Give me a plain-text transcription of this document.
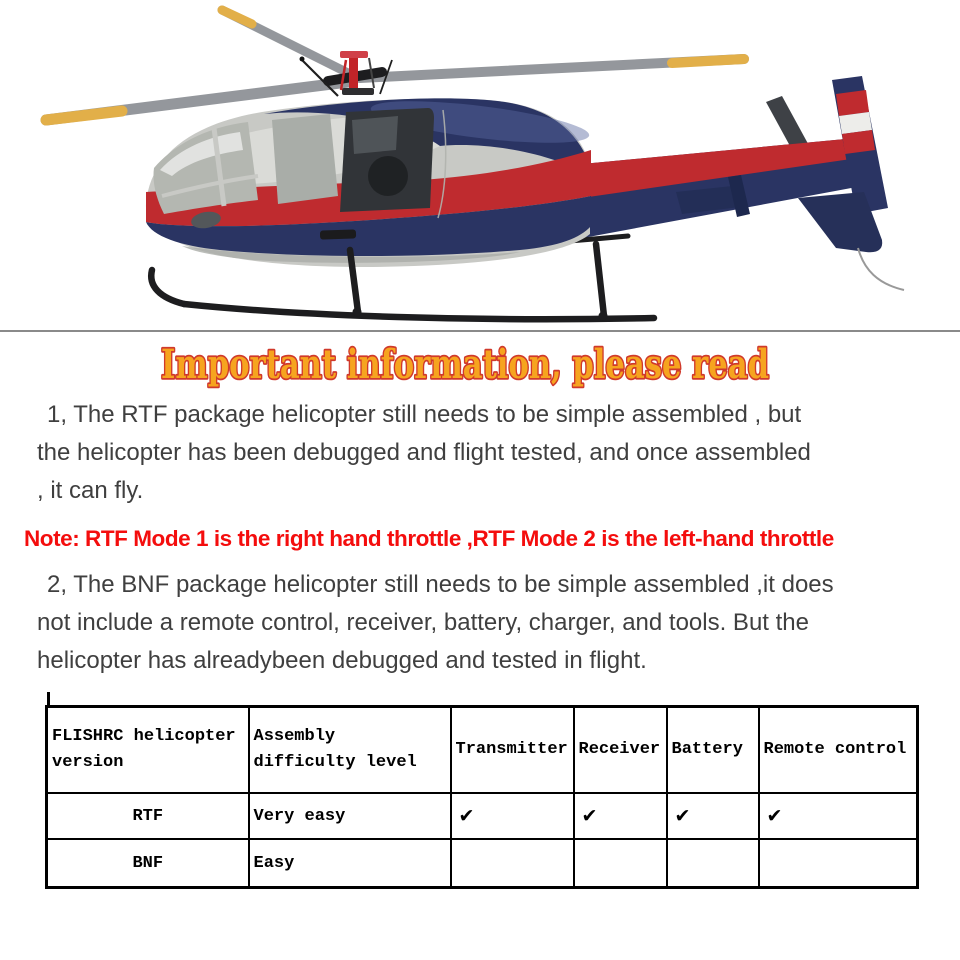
Important information, please read
1, The RTF package helicopter still needs to be simple assembled , but
the helicopter has been debugged and flight tested, and once assembled
, it can fly.
Note: RTF Mode 1 is the right hand throttle ,RTF Mode 2 is the left-hand throttle
2, The BNF package helicopter still needs to be simple assembled ,it does
not include a remote control, receiver, battery, charger, and tools. But the
helicopter has alreadybeen debugged and tested in flight.
FLISHRC helicopter version	Assembly difficulty level	Transmitter	Receiver	Battery	Remote control
RTF	Very easy	✔	✔	✔	✔
BNF	Easy				
